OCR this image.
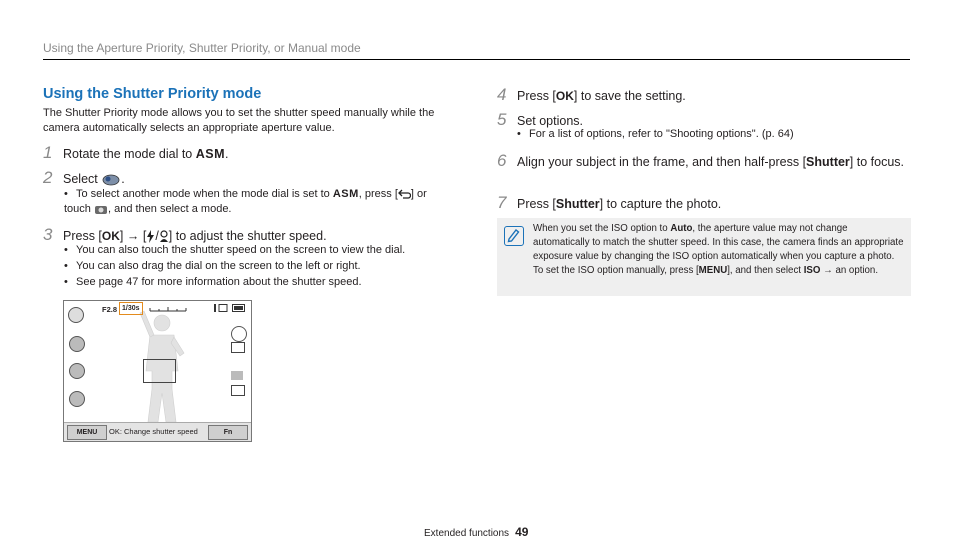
Using the Aperture Priority, Shutter Priority, or Manual mode
Using the Shutter Priority mode
The Shutter Priority mode allows you to set the shutter speed manually while the camera automatically selects an appropriate aperture value.
1 Rotate the mode dial to ASM.
2 Select .
• To select another mode when the mode dial is set to ASM, press [ ] or touch , and then select a mode.
3 Press [OK] → [ / ] to adjust the shutter speed.
• You can also touch the shutter speed on the screen to view the dial.
• You can also drag the dial on the screen to the left or right.
• See page 47 for more information about the shutter speed.
F2.8 1/30s
MENU	OK: Change shutter speed	Fn
4 Press [OK] to save the setting.
5 Set options.
• For a list of options, refer to "Shooting options". (p. 64)
6 Align your subject in the frame, and then half-press [Shutter] to focus.
7 Press [Shutter] to capture the photo.
When you set the ISO option to Auto, the aperture value may not change automatically to match the shutter speed. In this case, the camera finds an appropriate exposure value by changing the ISO option automatically when you capture a photo. To set the ISO option manually, press [MENU], and then select ISO → an option.
Extended functions 49
